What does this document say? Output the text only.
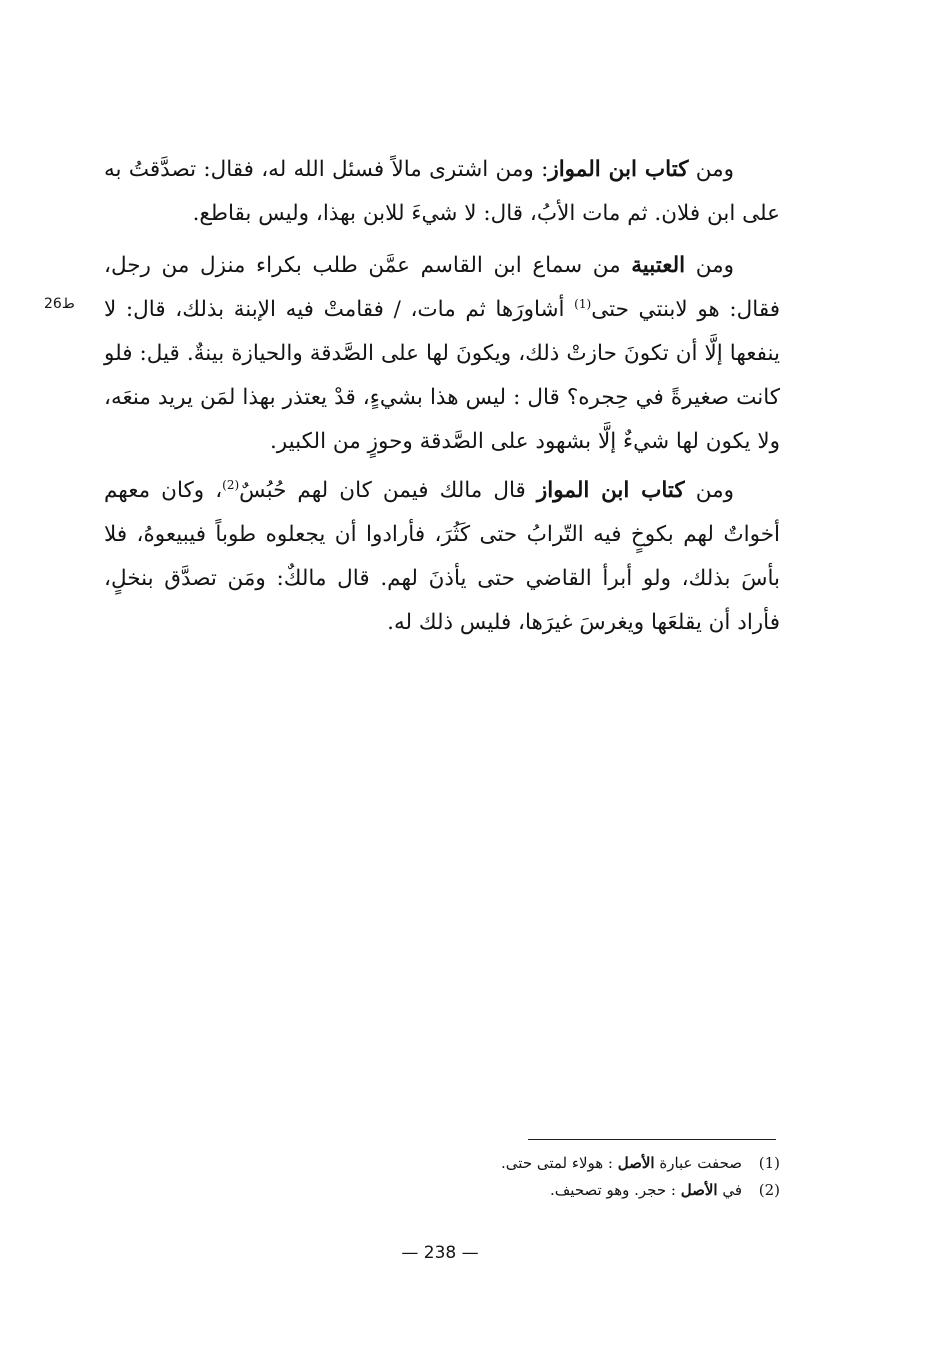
ط26
ومن كتاب ابن المواز: ومن اشترى مالاً فسئل الله له، فقال: تصدَّقتُ به على ابن فلان. ثم مات الأبُ، قال: لا شيءَ للابن بهذا، وليس بقاطع.
ومن العتبية من سماع ابن القاسم عمَّن طلب بكراء منزل من رجل، فقال: هو لابنتي حتى$^{(1)}$ أشاورَها ثم مات، / فقامتْ فيه الإبنة بذلك، قال: لا ينفعها إلَّا أن تكونَ حازتْ ذلك، ويكونَ لها على الصَّدقة والحيازة بينةٌ. قيل: فلو كانت صغيرةً في حِجره؟ قال : ليس هذا بشيءٍ، قدْ يعتذر بهذا لمَن يريد منعَه، ولا يكون لها شيءٌ إلَّا بشهود على الصَّدقة وحوزٍ من الكبير.
ومن كتاب ابن المواز قال مالك فيمن كان لهم حُبُسٌ$^{(2)}$، وكان معهم أخواتٌ لهم بكوخٍ فيه التّرابُ حتى كَثُرَ، فأرادوا أن يجعلوه طوباً فيبيعوهُ، فلا بأسَ بذلك، ولو أبرأ القاضي حتى يأذنَ لهم. قال مالكٌ: ومَن تصدَّق بنخلٍ، فأراد أن يقلعَها ويغرسَ غيرَها، فليس ذلك له.
(1)صحفت عبارة الأصل : هولاء لمتى حتى.
(2)في الأصل : حجر. وهو تصحيف.
— 238 —
